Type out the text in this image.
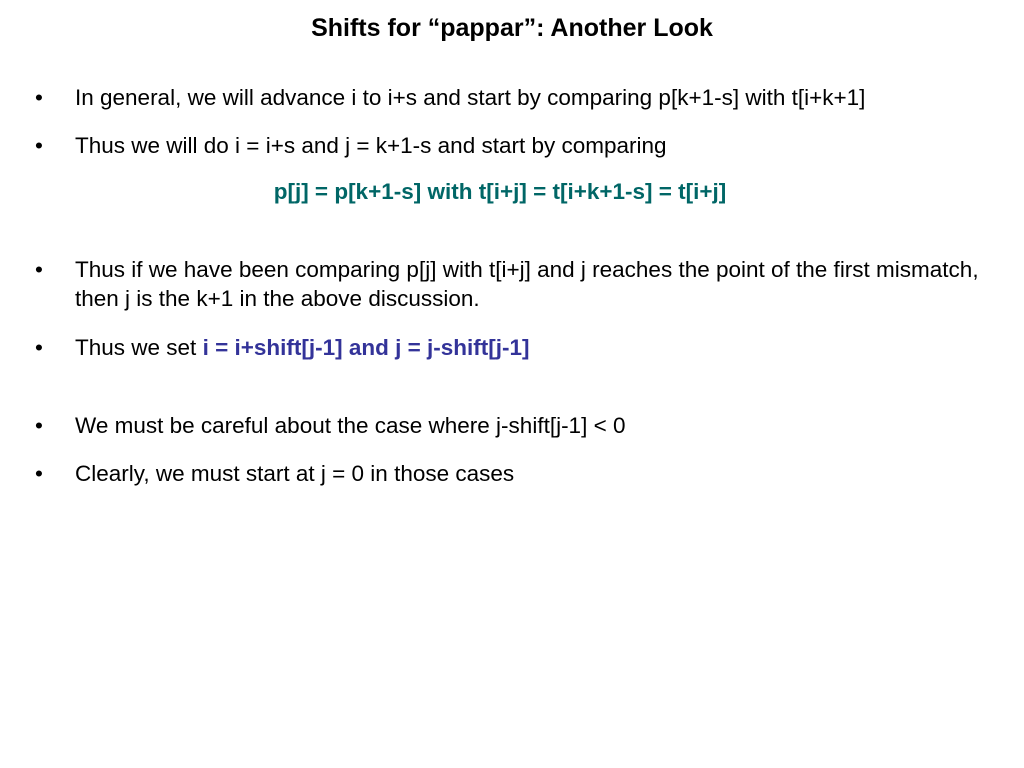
Shifts for “pappar”: Another Look
• In general, we will advance i to i+s and start by comparing p[k+1-s] with t[i+k+1]
• Thus we will do i = i+s and j = k+1-s and start by comparing
p[j] = p[k+1-s] with t[i+j] = t[i+k+1-s] = t[i+j]
• Thus if we have been comparing p[j] with t[i+j] and j reaches the point of the first mismatch, then j is the k+1 in the above discussion.
• Thus we set i = i+shift[j-1] and j = j-shift[j-1]
• We must be careful about the case where j-shift[j-1] < 0
• Clearly, we must start at j = 0 in those cases
